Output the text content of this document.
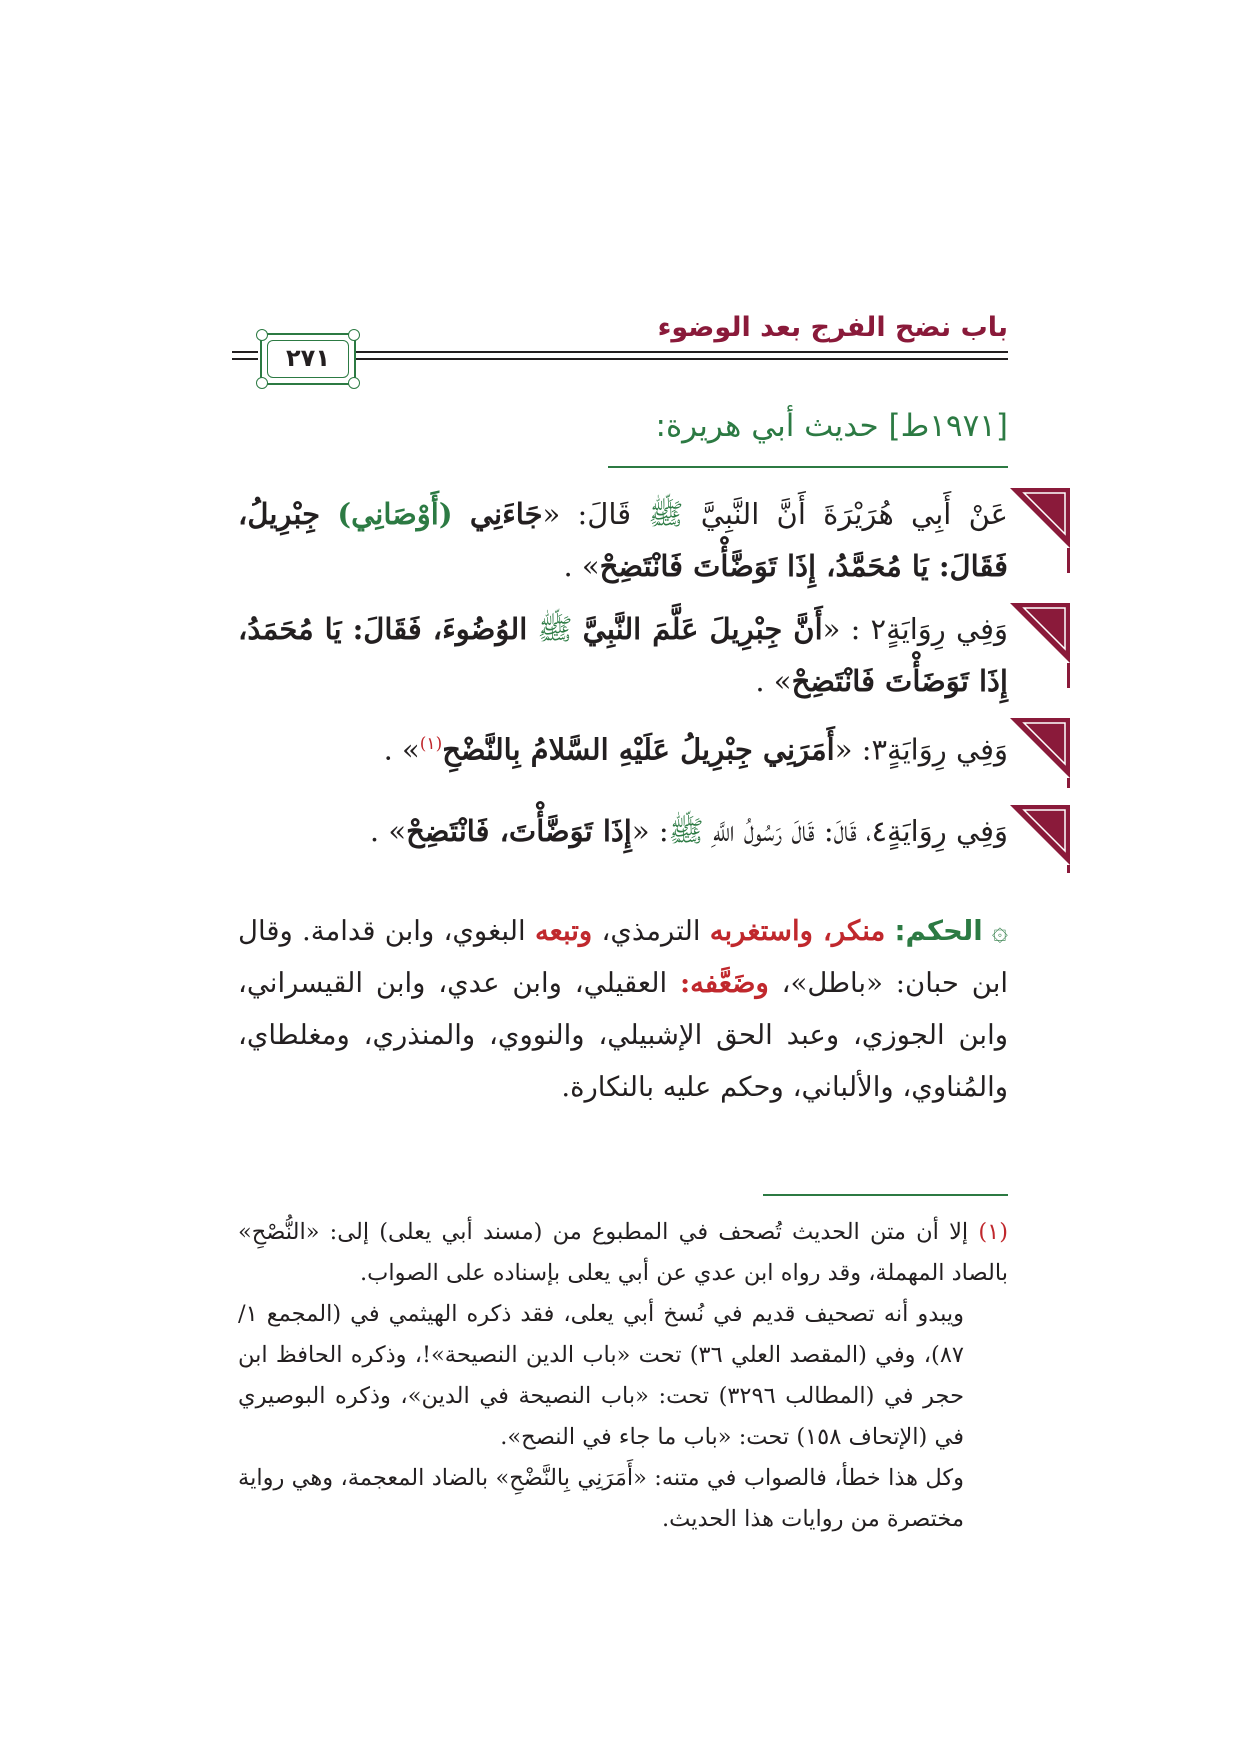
باب نضح الفرج بعد الوضوء
٢٧١
[١٩٧١ط] حديث أبي هريرة:

عَنْ أَبِي هُرَيْرَةَ أَنَّ النَّبِيَّ ﷺ قَالَ: «جَاءَنِي (أَوْصَانِي) جِبْرِيلُ، فَقَالَ: يَا مُحَمَّدُ، إِذَا تَوَضَّأْتَ فَانْتَضِحْ» .

وَفِي رِوَايَةٍ٢ : «أَنَّ جِبْرِيلَ عَلَّمَ النَّبِيَّ ﷺ الوُضُوءَ، فَقَالَ: يَا مُحَمَدُ، إِذَا تَوَضَأْتَ فَانْتَضِحْ» .

وَفِي رِوَايَةٍ٣: «أَمَرَنِي جِبْرِيلُ عَلَيْهِ السَّلامُ بِالنَّضْحِ$^{(١)}$» .

وَفِي رِوَايَةٍ٤، قَالَ: قَالَ رَسُولُ اللَّهِ ﷺ: «إِذَا تَوَضَّأْتَ، فَانْتَضِحْ» .

۞ الحكم: منكر، واستغربه الترمذي، وتبعه البغوي، وابن قدامة. وقال ابن حبان: «باطل»، وضَعَّفه: العقيلي، وابن عدي، وابن القيسراني، وابن الجوزي، وعبد الحق الإشبيلي، والنووي، والمنذري، ومغلطاي، والمُناوي، والألباني، وحكم عليه بالنكارة.

(١) إلا أن متن الحديث تُصحف في المطبوع من (مسند أبي يعلى) إلى: «النُّصْحِ» بالصاد المهملة، وقد رواه ابن عدي عن أبي يعلى بإسناده على الصواب.

ويبدو أنه تصحيف قديم في نُسخ أبي يعلى، فقد ذكره الهيثمي في (المجمع ١/ ٨٧)، وفي (المقصد العلي ٣٦) تحت «باب الدين النصيحة»!، وذكره الحافظ ابن حجر في (المطالب ٣٢٩٦) تحت: «باب النصيحة في الدين»، وذكره البوصيري في (الإتحاف ١٥٨) تحت: «باب ما جاء في النصح».

وكل هذا خطأ، فالصواب في متنه: «أَمَرَنِي بِالنَّضْحِ» بالضاد المعجمة، وهي رواية مختصرة من روايات هذا الحديث.
